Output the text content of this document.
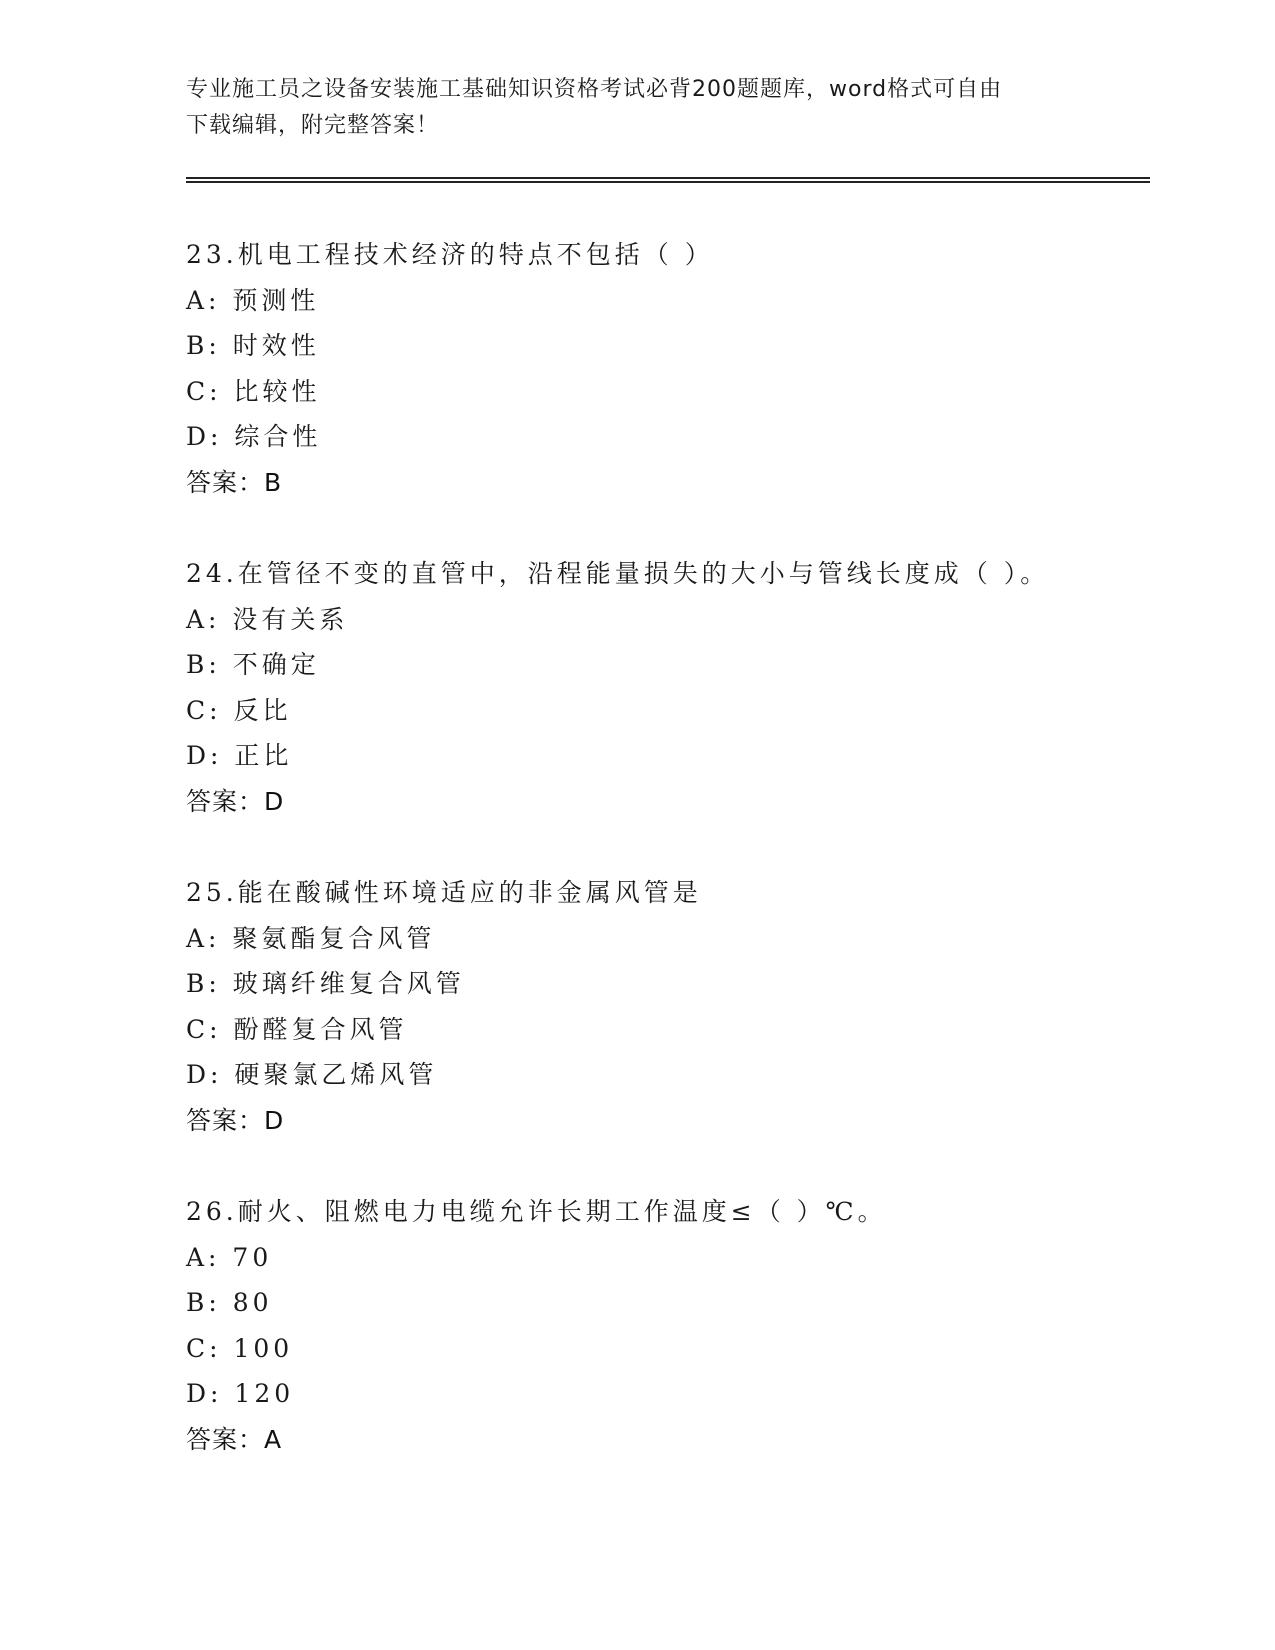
专业施工员之设备安装施工基础知识资格考试必背200题题库，word格式可自由
下载编辑，附完整答案！
23.机电工程技术经济的特点不包括（ ）
A: 预测性
B: 时效性
C: 比较性
D: 综合性
答案：B
24.在管径不变的直管中，沿程能量损失的大小与管线长度成（ ）。
A: 没有关系
B: 不确定
C: 反比
D: 正比
答案：D
25.能在酸碱性环境适应的非金属风管是
A: 聚氨酯复合风管
B: 玻璃纤维复合风管
C: 酚醛复合风管
D: 硬聚氯乙烯风管
答案：D
26.耐火、阻燃电力电缆允许长期工作温度≤（ ）℃。
A: 70
B: 80
C: 100
D: 120
答案：A
